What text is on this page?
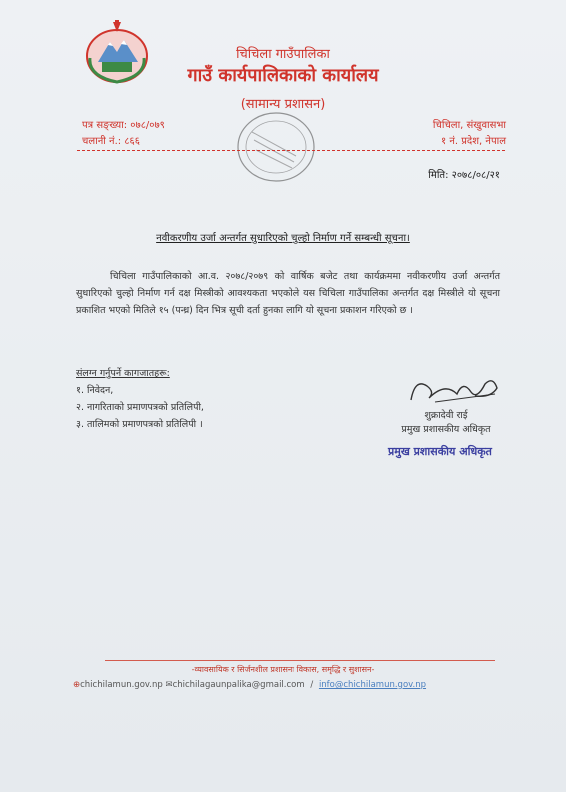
चिचिला गाउँपालिका
गाउँ कार्यपालिकाको कार्यालय
(सामान्य प्रशासन)
पत्र सङ्ख्या: ०७८/०७९
चलानी नं.: ८६६
चिचिला, संखुवासभा
१ नं. प्रदेश, नेपाल
मिति: २०७८/०८/२१
नवीकरणीय उर्जा अन्तर्गत सुधारिएको चुल्हो निर्माण गर्ने सम्बन्धी सूचना।
चिचिला गाउँपालिकाको आ.व. २०७८/२०७९ को वार्षिक बजेट तथा कार्यक्रममा नवीकरणीय उर्जा अन्तर्गत सुधारिएको चुल्हो निर्माण गर्न दक्ष मिस्त्रीको आवश्यकता भएकोले यस चिचिला गाउँपालिका अन्तर्गत दक्ष मिस्त्रीले यो सूचना प्रकाशित भएको मितिले १५ (पन्ध्र) दिन भित्र सूची दर्ता हुनका लागि यो सूचना प्रकाशन गरिएको छ ।
संलग्न गर्नुपर्ने कागजातहरू:
१. निवेदन,
२. नागरिताको प्रमाणपत्रको प्रतिलिपी,
३. तालिमको प्रमाणपत्रको प्रतिलिपी ।
शुक्रादेवी राई
प्रमुख प्रशासकीय अधिकृत
प्रमुख प्रशासकीय अधिकृत
-व्यावसायिक र सिर्जनशील प्रशासनः विकास, समृद्धि र सुशासन-
⊕chichilamun.gov.np ✉chichilagaunpalika@gmail.com / info@chichilamun.gov.np
